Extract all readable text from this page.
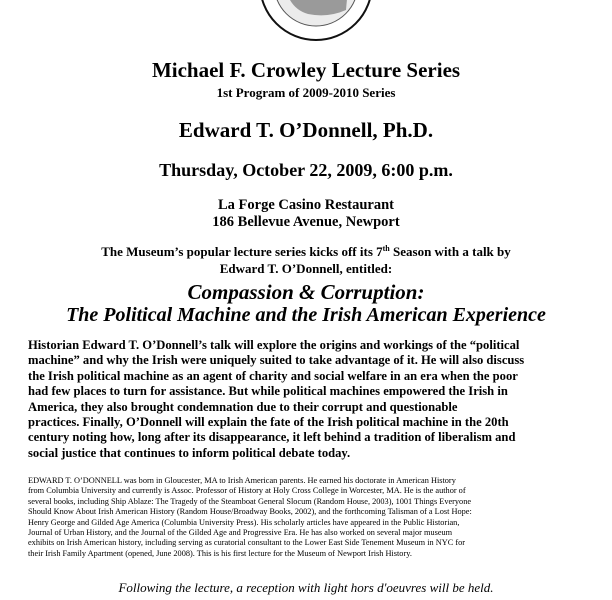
Michael F. Crowley Lecture Series
1st Program of 2009-2010 Series
Edward T. O’Donnell, Ph.D.
Thursday, October 22, 2009, 6:00 p.m.
La Forge Casino Restaurant
186 Bellevue Avenue, Newport
The Museum’s popular lecture series kicks off its 7th Season with a talk by
Edward T. O’Donnell, entitled:
Compassion & Corruption:
The Political Machine and the Irish American Experience
Historian Edward T. O’Donnell’s talk will explore the origins and workings of the “political
machine” and why the Irish were uniquely suited to take advantage of it. He will also discuss
the Irish political machine as an agent of charity and social welfare in an era when the poor
had few places to turn for assistance. But while political machines empowered the Irish in
America, they also brought condemnation due to their corrupt and questionable
practices. Finally, O’Donnell will explain the fate of the Irish political machine in the 20th
century noting how, long after its disappearance, it left behind a tradition of liberalism and
social justice that continues to inform political debate today.
EDWARD T. O’DONNELL was born in Gloucester, MA to Irish American parents. He earned his doctorate in American History
from Columbia University and currently is Assoc. Professor of History at Holy Cross College in Worcester, MA. He is the author of
several books, including Ship Ablaze: The Tragedy of the Steamboat General Slocum (Random House, 2003), 1001 Things Everyone
Should Know About Irish American History (Random House/Broadway Books, 2002), and the forthcoming Talisman of a Lost Hope:
Henry George and Gilded Age America (Columbia University Press). His scholarly articles have appeared in the Public Historian,
Journal of Urban History, and the Journal of the Gilded Age and Progressive Era. He has also worked on several major museum
exhibits on Irish American history, including serving as curatorial consultant to the Lower East Side Tenement Museum in NYC for
their Irish Family Apartment (opened, June 2008). This is his first lecture for the Museum of Newport Irish History.
Following the lecture, a reception with light hors d'oeuvres will be held.
